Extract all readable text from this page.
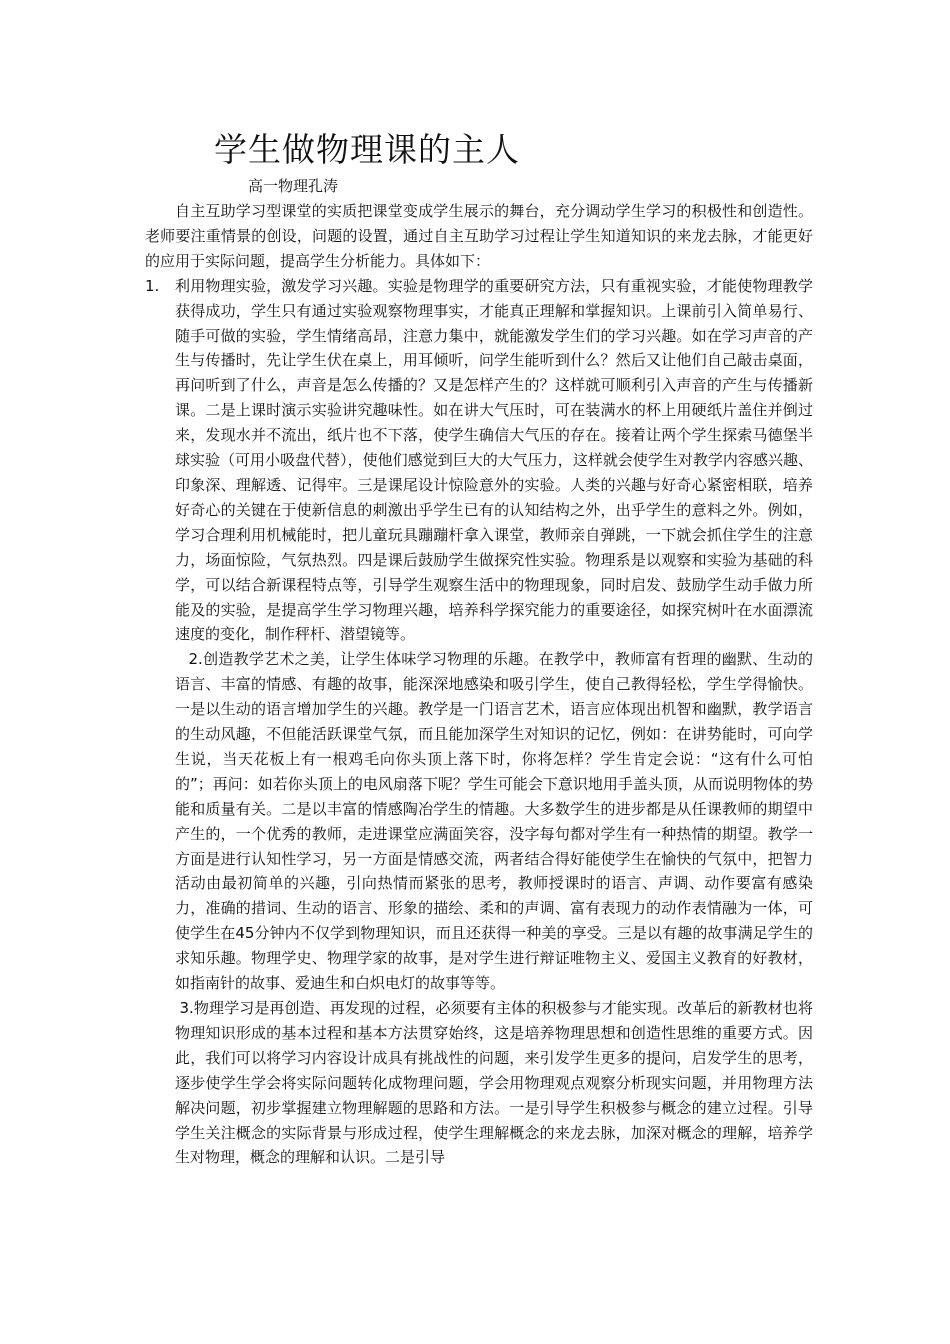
学生做物理课的主人
高一物理孔涛

自主互助学习型课堂的实质把课堂变成学生展示的舞台，充分调动学生学习的积极性和创造性。老师要注重情景的创设，问题的设置，通过自主互助学习过程让学生知道知识的来龙去脉，才能更好的应用于实际问题，提高学生分析能力。具体如下：

1.	利用物理实验，激发学习兴趣。实验是物理学的重要研究方法，只有重视实验，才能使物理教学获得成功，学生只有通过实验观察物理事实，才能真正理解和掌握知识。上课前引入简单易行、随手可做的实验，学生情绪高昂，注意力集中，就能激发学生们的学习兴趣。如在学习声音的产生与传播时，先让学生伏在桌上，用耳倾听，问学生能听到什么？然后又让他们自己敲击桌面，再问听到了什么，声音是怎么传播的？又是怎样产生的？这样就可顺利引入声音的产生与传播新课。二是上课时演示实验讲究趣味性。如在讲大气压时，可在装满水的杯上用硬纸片盖住并倒过来，发现水并不流出，纸片也不下落，使学生确信大气压的存在。接着让两个学生探索马德堡半球实验（可用小吸盘代替），使他们感觉到巨大的大气压力，这样就会使学生对教学内容感兴趣、印象深、理解透、记得牢。三是课尾设计惊险意外的实验。人类的兴趣与好奇心紧密相联，培养好奇心的关键在于使新信息的刺激出乎学生已有的认知结构之外，出乎学生的意料之外。例如，学习合理利用机械能时，把儿童玩具蹦蹦杆拿入课堂，教师亲自弹跳，一下就会抓住学生的注意力，场面惊险，气氛热烈。四是课后鼓励学生做探究性实验。物理系是以观察和实验为基础的科学，可以结合新课程特点等，引导学生观察生活中的物理现象，同时启发、鼓励学生动手做力所能及的实验，是提高学生学习物理兴趣，培养科学探究能力的重要途径，如探究树叶在水面漂流速度的变化，制作秤杆、潜望镜等。

2.创造教学艺术之美，让学生体味学习物理的乐趣。在教学中，教师富有哲理的幽默、生动的语言、丰富的情感、有趣的故事，能深深地感染和吸引学生，使自己教得轻松，学生学得愉快。一是以生动的语言增加学生的兴趣。教学是一门语言艺术，语言应体现出机智和幽默，教学语言的生动风趣，不但能活跃课堂气氛，而且能加深学生对知识的记忆，例如：在讲势能时，可向学生说，当天花板上有一根鸡毛向你头顶上落下时，你将怎样？学生肯定会说：“这有什么可怕的”；再问：如若你头顶上的电风扇落下呢？学生可能会下意识地用手盖头顶，从而说明物体的势能和质量有关。二是以丰富的情感陶冶学生的情趣。大多数学生的进步都是从任课教师的期望中产生的，一个优秀的教师，走进课堂应满面笑容，没字每句都对学生有一种热情的期望。教学一方面是进行认知性学习，另一方面是情感交流，两者结合得好能使学生在愉快的气氛中，把智力活动由最初简单的兴趣，引向热情而紧张的思考，教师授课时的语言、声调、动作要富有感染力，准确的措词、生动的语言、形象的描绘、柔和的声调、富有表现力的动作表情融为一体，可使学生在45分钟内不仅学到物理知识，而且还获得一种美的享受。三是以有趣的故事满足学生的求知乐趣。物理学史、物理学家的故事，是对学生进行辩证唯物主义、爱国主义教育的好教材，如指南针的故事、爱迪生和白炽电灯的故事等等。

3.物理学习是再创造、再发现的过程，必须要有主体的积极参与才能实现。改革后的新教材也将物理知识形成的基本过程和基本方法贯穿始终，这是培养物理思想和创造性思维的重要方式。因此，我们可以将学习内容设计成具有挑战性的问题，来引发学生更多的提问，启发学生的思考，逐步使学生学会将实际问题转化成物理问题，学会用物理观点观察分析现实问题，并用物理方法解决问题，初步掌握建立物理解题的思路和方法。一是引导学生积极参与概念的建立过程。引导学生关注概念的实际背景与形成过程，使学生理解概念的来龙去脉，加深对概念的理解，培养学生对物理，概念的理解和认识。二是引导
